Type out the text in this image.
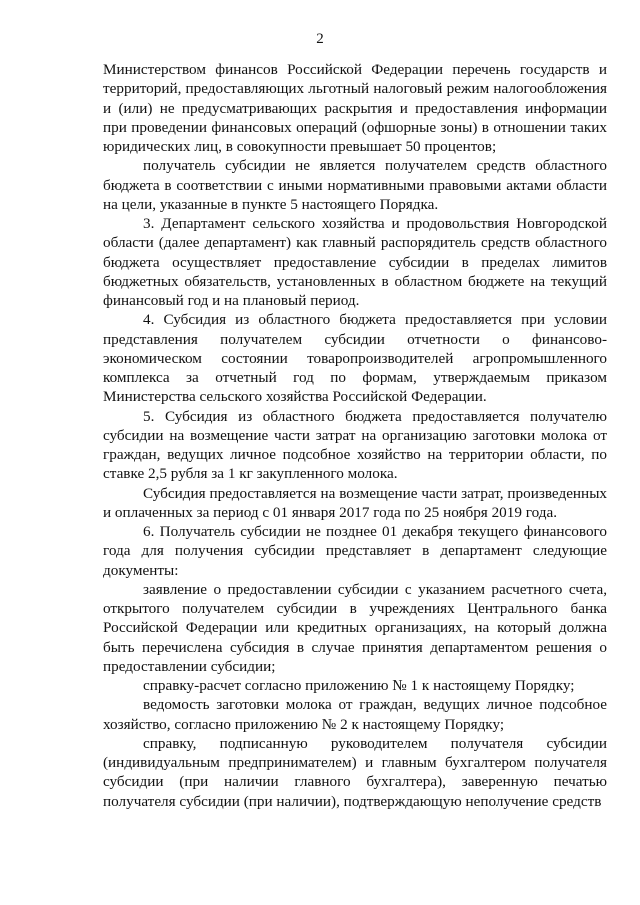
2

Министерством финансов Российской Федерации перечень государств и
территорий, предоставляющих льготный налоговый режим налогообложения
и (или) не предусматривающих раскрытия и предоставления информации
при проведении финансовых операций (офшорные зоны) в отношении таких
юридических лиц, в совокупности превышает 50 процентов;

получатель субсидии не является получателем средств областного
бюджета в соответствии с иными нормативными правовыми актами области
на цели, указанные в пункте 5 настоящего Порядка.

3. Департамент сельского хозяйства и продовольствия Новгородской
области (далее департамент) как главный распорядитель средств областного
бюджета осуществляет предоставление субсидии в пределах лимитов
бюджетных обязательств, установленных в областном бюджете на текущий
финансовый год и на плановый период.

4. Субсидия из областного бюджета предоставляется при условии
представления получателем субсидии отчетности о финансово-
экономическом состоянии товаропроизводителей агропромышленного
комплекса за отчетный год по формам, утверждаемым приказом
Министерства сельского хозяйства Российской Федерации.

5. Субсидия из областного бюджета предоставляется получателю
субсидии на возмещение части затрат на организацию заготовки молока от
граждан, ведущих личное подсобное хозяйство на территории области, по
ставке 2,5 рубля за 1 кг закупленного молока.

Субсидия предоставляется на возмещение части затрат, произведенных
и оплаченных за период с 01 января 2017 года по 25 ноября 2019 года.

6. Получатель субсидии не позднее 01 декабря текущего финансового
года для получения субсидии представляет в департамент следующие
документы:

заявление о предоставлении субсидии с указанием расчетного счета,
открытого получателем субсидии в учреждениях Центрального банка
Российской Федерации или кредитных организациях, на который должна
быть перечислена субсидия в случае принятия департаментом решения о
предоставлении субсидии;

справку-расчет согласно приложению № 1 к настоящему Порядку;

ведомость заготовки молока от граждан, ведущих личное подсобное
хозяйство, согласно приложению № 2 к настоящему Порядку;

справку, подписанную руководителем получателя субсидии
(индивидуальным предпринимателем) и главным бухгалтером получателя
субсидии (при наличии главного бухгалтера), заверенную печатью
получателя субсидии (при наличии), подтверждающую неполучение средств
